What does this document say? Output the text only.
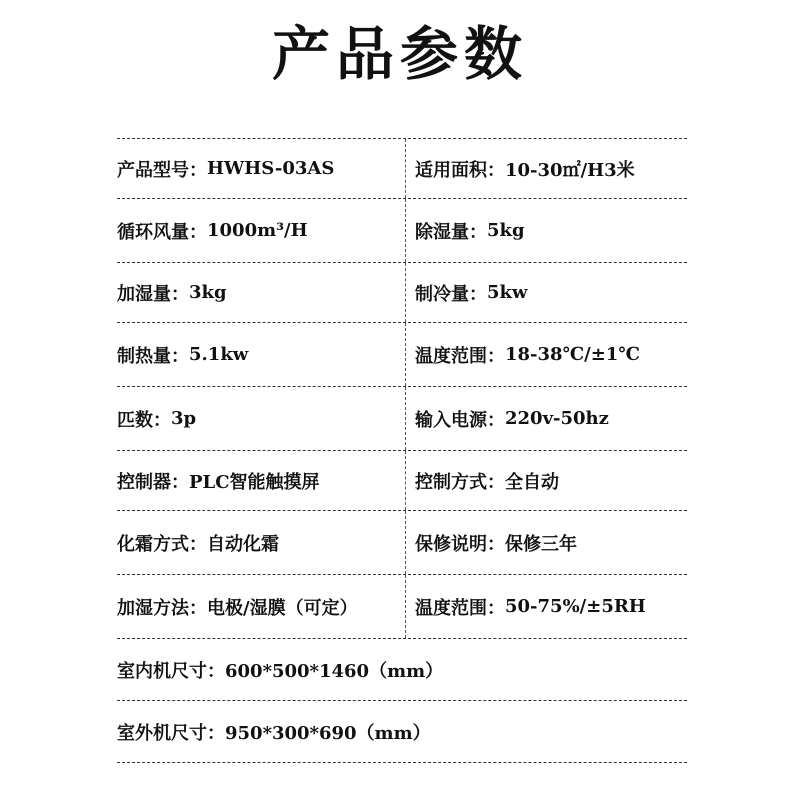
产品参数
产品型号： HWHS-03AS	适用面积： 10-30㎡/H3米
循环风量： 1000m³/H	除湿量： 5kg
加湿量： 3kg	制冷量： 5kw
制热量： 5.1kw	温度范围： 18-38℃/±1℃
匹数： 3p	输入电源： 220v-50hz
控制器： PLC智能触摸屏	控制方式： 全自动
化霜方式： 自动化霜	保修说明： 保修三年
加湿方法： 电极/湿膜（可定）	温度范围： 50-75%/±5RH
室内机尺寸： 600*500*1460（mm）
室外机尺寸： 950*300*690（mm）
